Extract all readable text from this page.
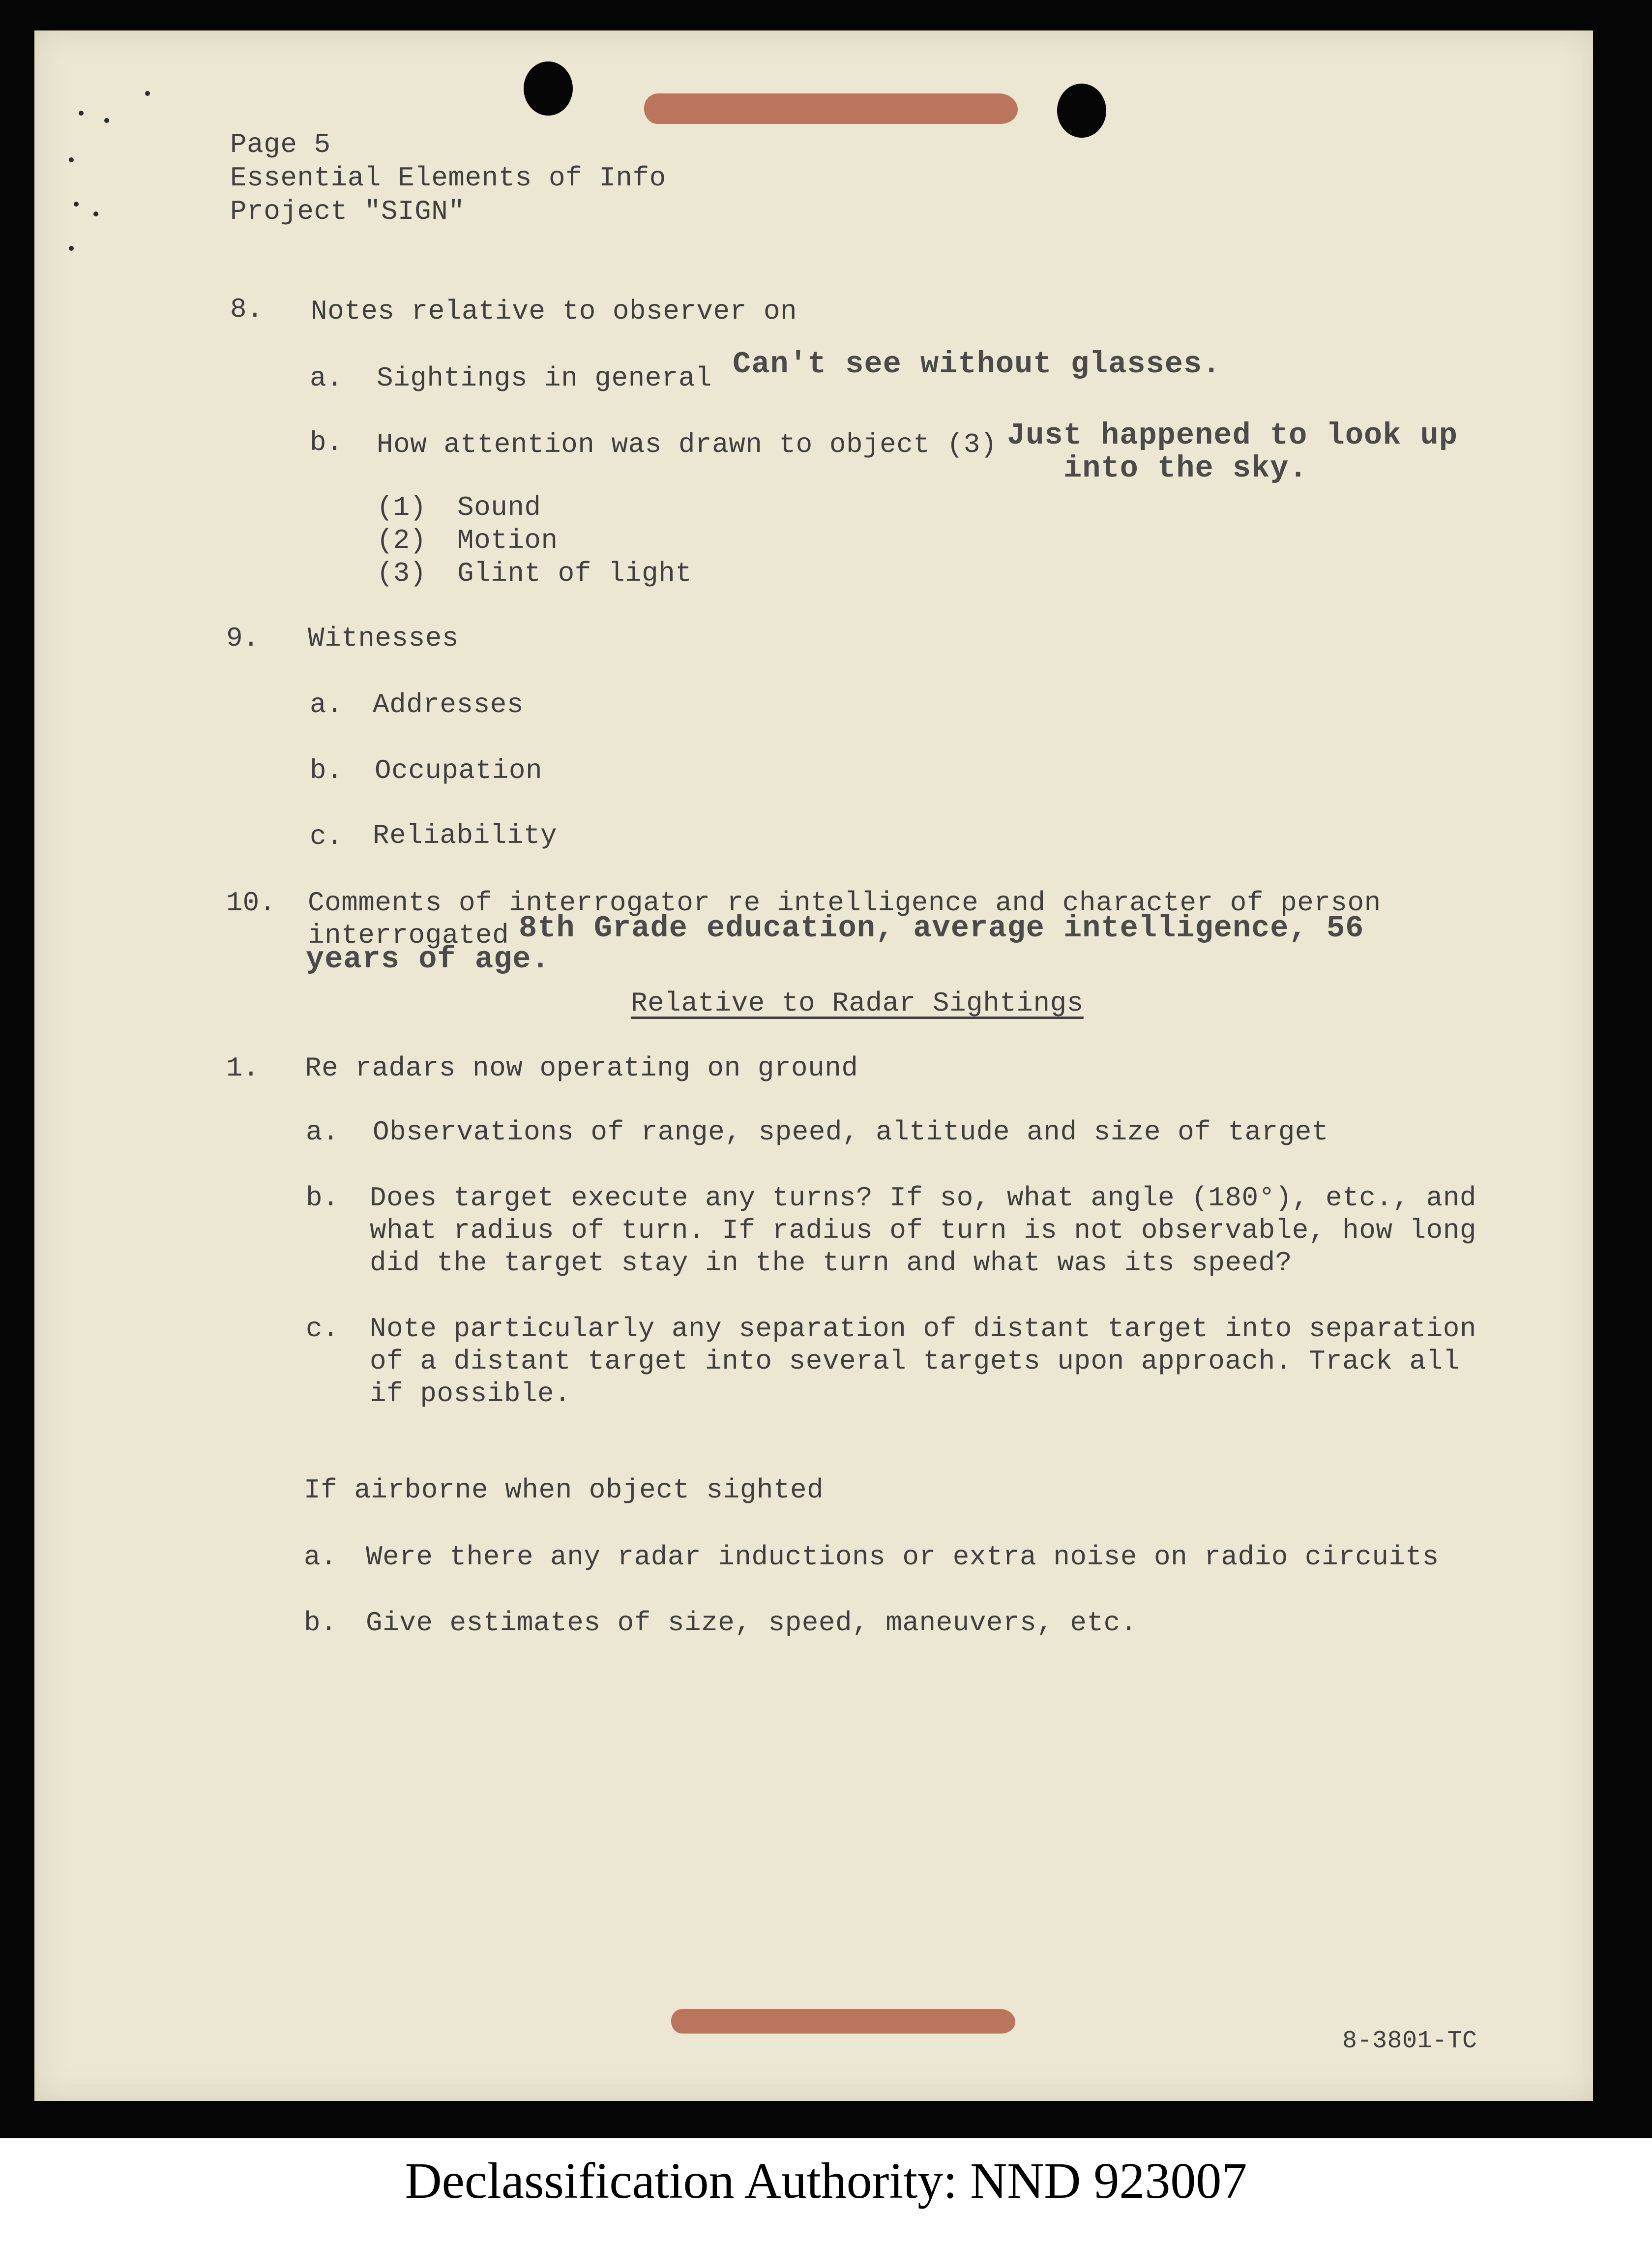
Page 5
Essential Elements of Info
Project "SIGN"
8. Notes relative to observer on
a. Sightings in general Can't see without glasses.
b. How attention was drawn to object (3) Just happened to look up
into the sky.
(1) Sound
(2) Motion
(3) Glint of light
9. Witnesses
a. Addresses
b. Occupation
c. Reliability
10. Comments of interrogator re intelligence and character of person
interrogated 8th Grade education, average intelligence, 56
years of age.
Relative to Radar Sightings
1. Re radars now operating on ground
a. Observations of range, speed, altitude and size of target
b. Does target execute any turns? If so, what angle (180°), etc., and
what radius of turn. If radius of turn is not observable, how long
did the target stay in the turn and what was its speed?
c. Note particularly any separation of distant target into separation
of a distant target into several targets upon approach. Track all
if possible.
If airborne when object sighted
a. Were there any radar inductions or extra noise on radio circuits
b. Give estimates of size, speed, maneuvers, etc.
8-3801-TC
Declassification Authority: NND 923007
